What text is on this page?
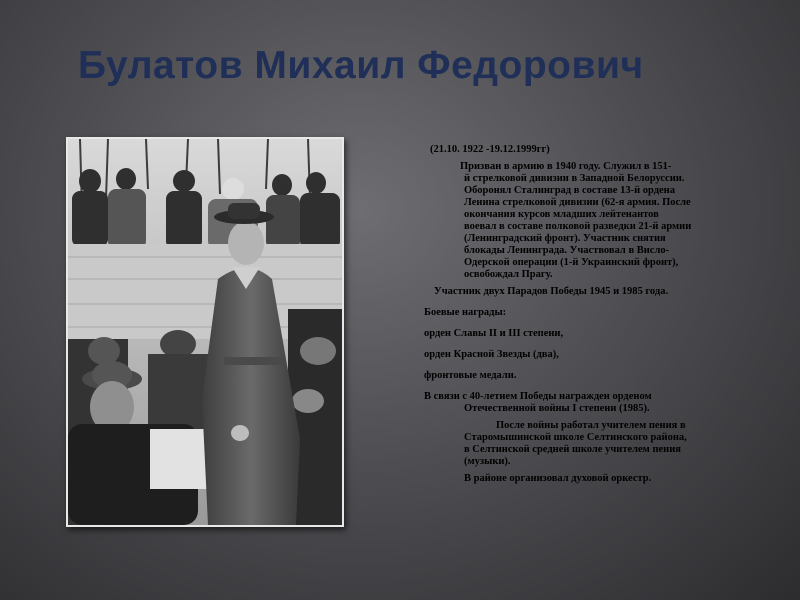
Булатов Михаил Федорович

(21.10. 1922 -19.12.1999гг)

Призван в армию в 1940 году. Служил в 151-

й стрелковой дивизии в Западной Белоруссии.

Оборонял Сталинград в составе 13-й ордена

Ленина стрелковой дивизии (62-я армия. После

окончания курсов младших лейтенантов

воевал в составе полковой разведки 21-й армии

(Ленинградский фронт). Участник снятия

блокады Ленинграда. Участвовал в Висло-

Одерской операции (1-й Украинский фронт),

освобождал Прагу.

Участник двух Парадов Победы 1945 и 1985 года.

Боевые награды:

орден Славы II и III степени,

орден Красной Звезды (два),

фронтовые медали.

В связи с 40-летием Победы награжден орденом

Отечественной войны I степени (1985).

После войны работал учителем пения в

Старомышинской школе Селтинского района,

в Селтинской средней школе учителем пения

(музыки).

В районе организовал духовой оркестр.
